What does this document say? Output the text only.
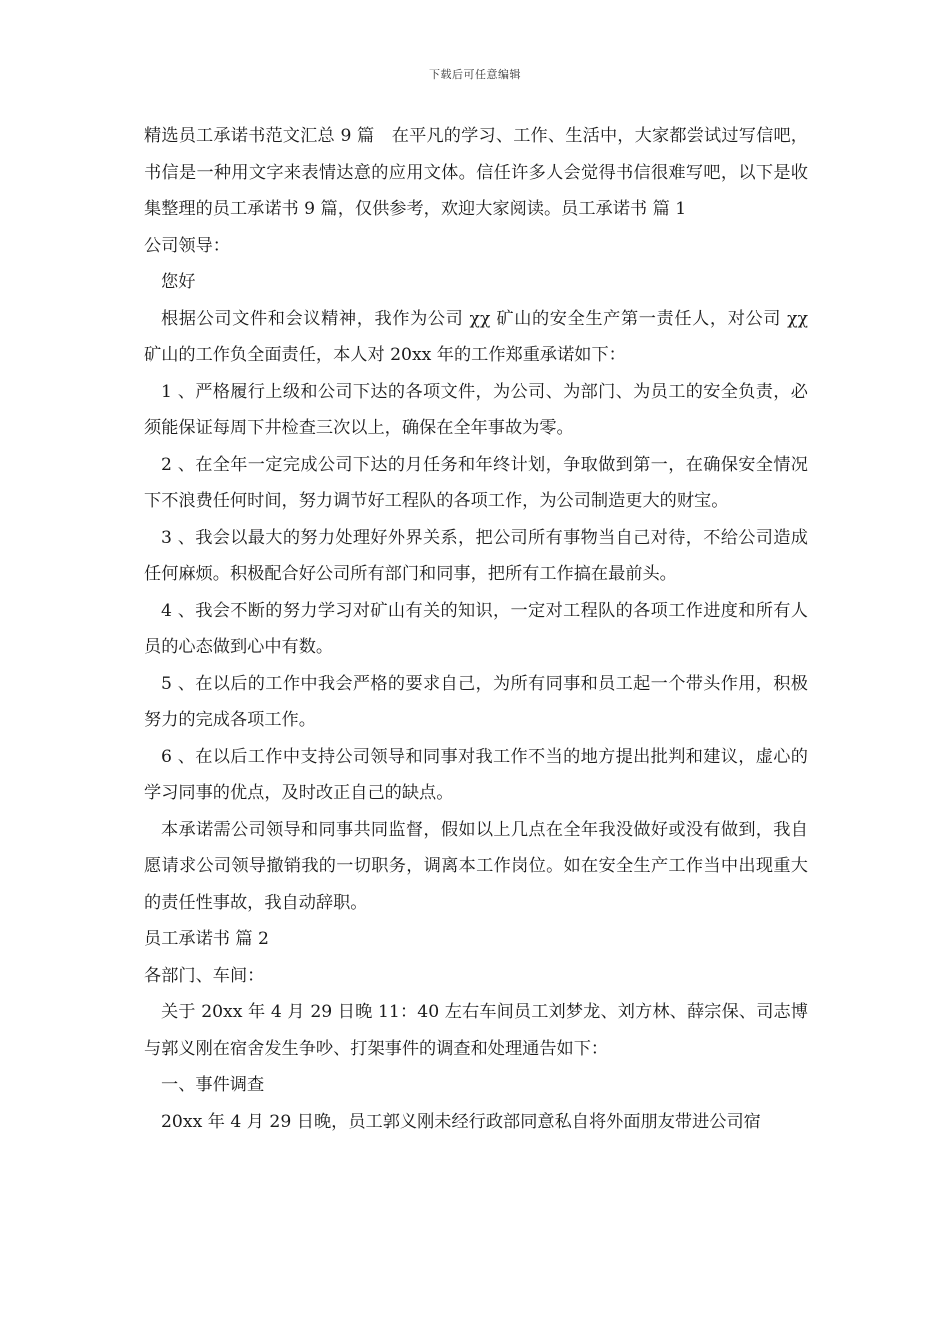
下载后可任意编辑

精选员工承诺书范文汇总 9 篇　在平凡的学习、工作、生活中，大家都尝试过写信吧，书信是一种用文字来表情达意的应用文体。信任许多人会觉得书信很难写吧，以下是收集整理的员工承诺书 9 篇，仅供参考，欢迎大家阅读。员工承诺书 篇 1

公司领导：

您好

根据公司文件和会议精神，我作为公司 χχ 矿山的安全生产第一责任人，对公司 χχ 矿山的工作负全面责任，本人对 20xx 年的工作郑重承诺如下：

1 、严格履行上级和公司下达的各项文件，为公司、为部门、为员工的安全负责，必须能保证每周下井检查三次以上，确保在全年事故为零。

2 、在全年一定完成公司下达的月任务和年终计划，争取做到第一，在确保安全情况下不浪费任何时间，努力调节好工程队的各项工作，为公司制造更大的财宝。

3 、我会以最大的努力处理好外界关系，把公司所有事物当自己对待，不给公司造成任何麻烦。积极配合好公司所有部门和同事，把所有工作搞在最前头。

4 、我会不断的努力学习对矿山有关的知识，一定对工程队的各项工作进度和所有人员的心态做到心中有数。

5 、在以后的工作中我会严格的要求自己，为所有同事和员工起一个带头作用，积极努力的完成各项工作。

6 、在以后工作中支持公司领导和同事对我工作不当的地方提出批判和建议，虚心的学习同事的优点，及时改正自己的缺点。

本承诺需公司领导和同事共同监督，假如以上几点在全年我没做好或没有做到，我自愿请求公司领导撤销我的一切职务，调离本工作岗位。如在安全生产工作当中出现重大的责任性事故，我自动辞职。

员工承诺书 篇 2

各部门、车间：

关于 20xx 年 4 月 29 日晚 11：40 左右车间员工刘梦龙、刘方林、薛宗保、司志博与郭义刚在宿舍发生争吵、打架事件的调查和处理通告如下：

一、事件调查

20xx 年 4 月 29 日晚，员工郭义刚未经行政部同意私自将外面朋友带进公司宿
